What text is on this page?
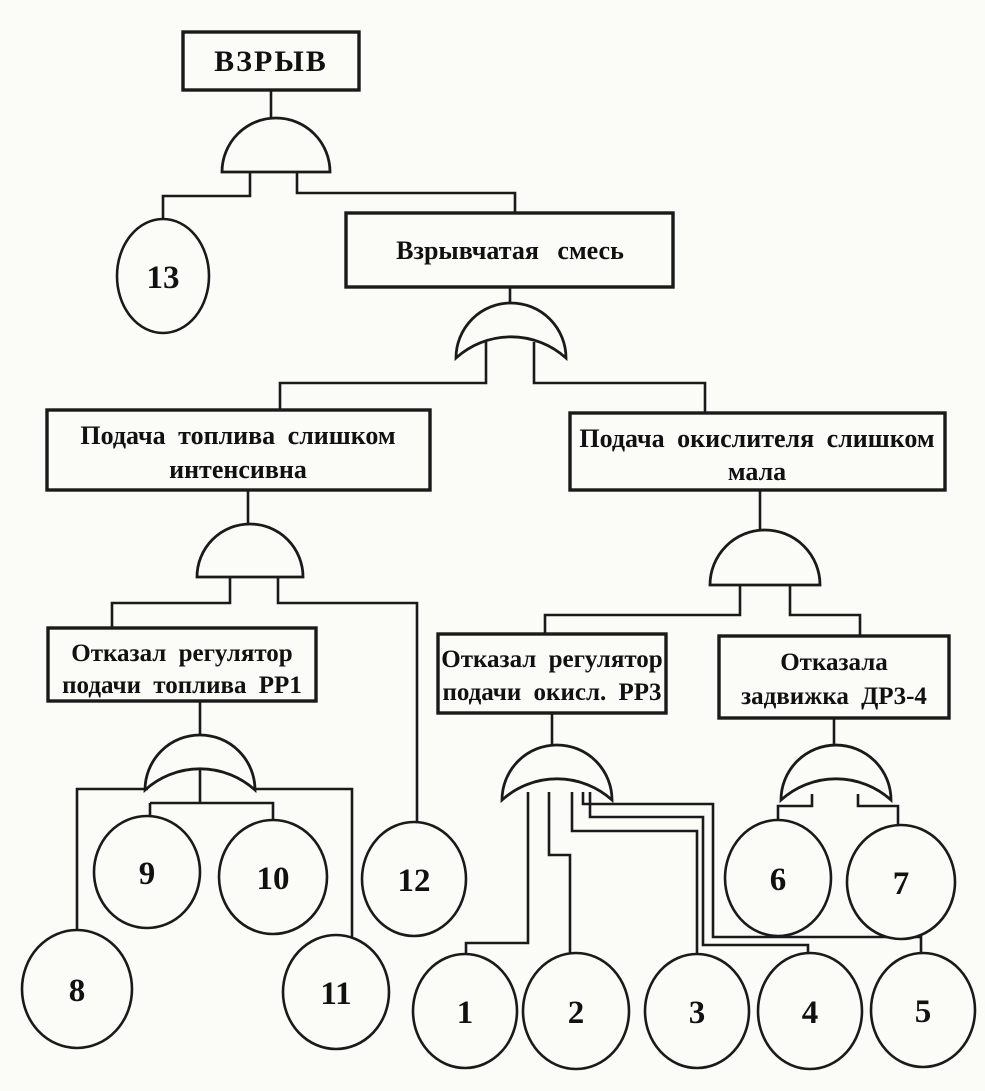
ВЗРЫВ
Взрывчатая смесь
Подача топлива слишком
интенсивна
Подача окислителя слишком
мала
Отказал регулятор
подачи топлива РР1
Отказал регулятор
подачи окисл. РР3
Отказала
задвижка ДР3-4
13
9	10	12
8	11
1	2	3	4	5
6	7
